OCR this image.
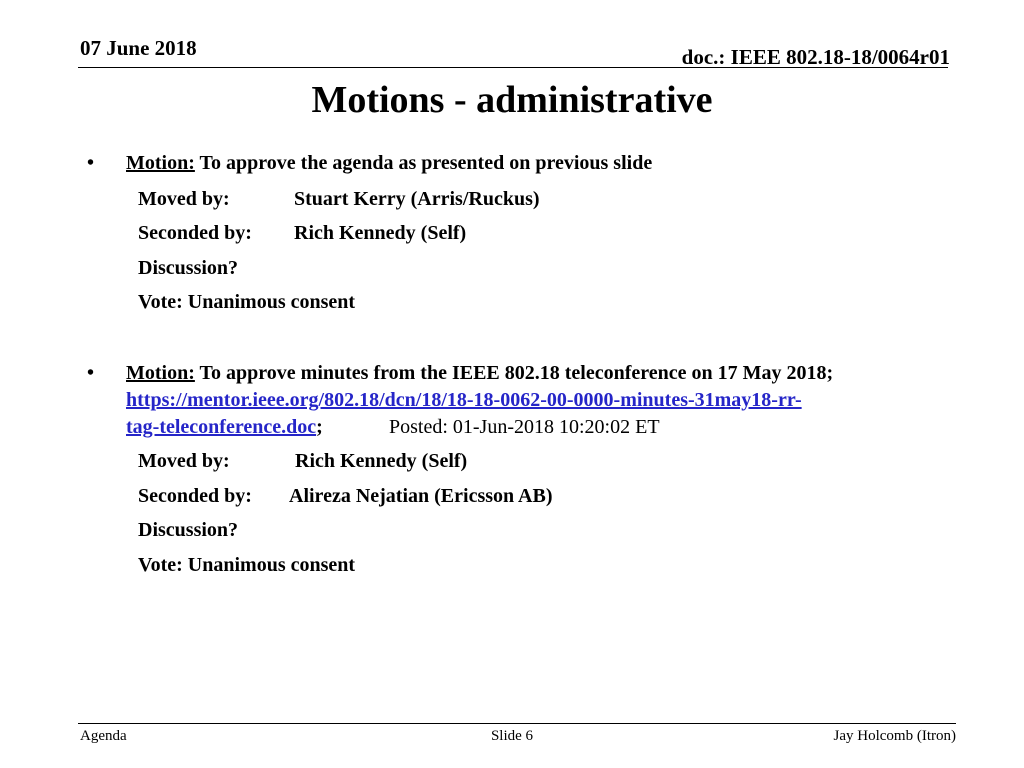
07 June 2018	doc.: IEEE 802.18-18/0064r01
Motions - administrative
• Motion: To approve the agenda as presented on previous slide
Moved by:	Stuart Kerry (Arris/Ruckus)
Seconded by: Rich Kennedy (Self)
Discussion?
Vote: Unanimous consent
• Motion: To approve minutes from the IEEE 802.18 teleconference on 17 May 2018;
https://mentor.ieee.org/802.18/dcn/18/18-18-0062-00-0000-minutes-31may18-rr-
tag-teleconference.doc;	Posted: 01-Jun-2018 10:20:02 ET
Moved by:	Rich Kennedy (Self)
Seconded by: Alireza Nejatian (Ericsson AB)
Discussion?
Vote: Unanimous consent
Agenda	Slide 6	Jay Holcomb (Itron)
